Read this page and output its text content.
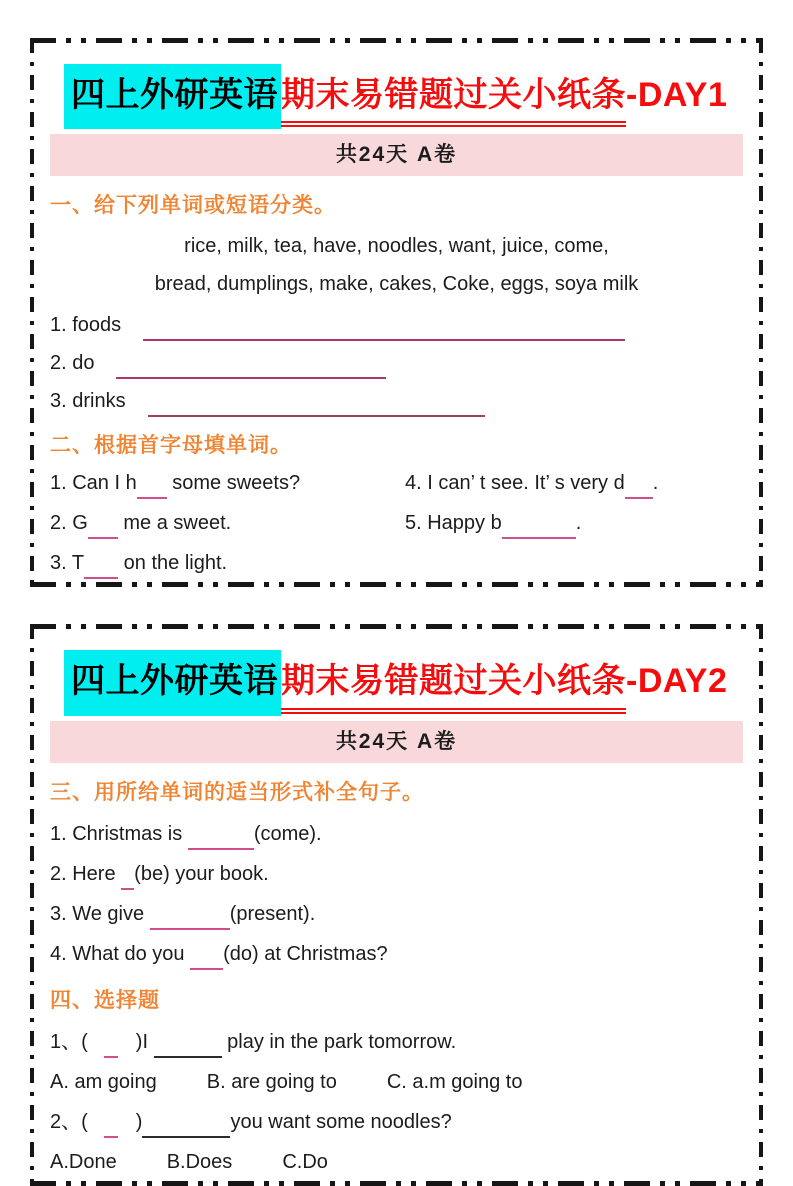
四上外研英语期末易错题过关小纸条-DAY1
共24天 A卷
一、给下列单词或短语分类。
rice, milk, tea, have, noodles, want, juice, come,
bread, dumplings, make, cakes, Coke, eggs, soya milk
1. foods
2. do
3. drinks
二、根据首字母填单词。
1. Can I h some sweets?
2. G me a sweet.
3. T on the light.
4. I can’ t see. It’ s very d .
5. Happy b	.
四上外研英语期末易错题过关小纸条-DAY2
共24天 A卷
三、用所给单词的适当形式补全句子。
1. Christmas is	(come).
2. Here (be) your book.
3. We give	(present).
4. What do you (do) at Christmas?
四、选择题
1、( )I	play in the park tomorrow.
A. am going	B. are going to	C. a.m going to
2、( )	you want some noodles?
A.Done	B.Does	C.Do
